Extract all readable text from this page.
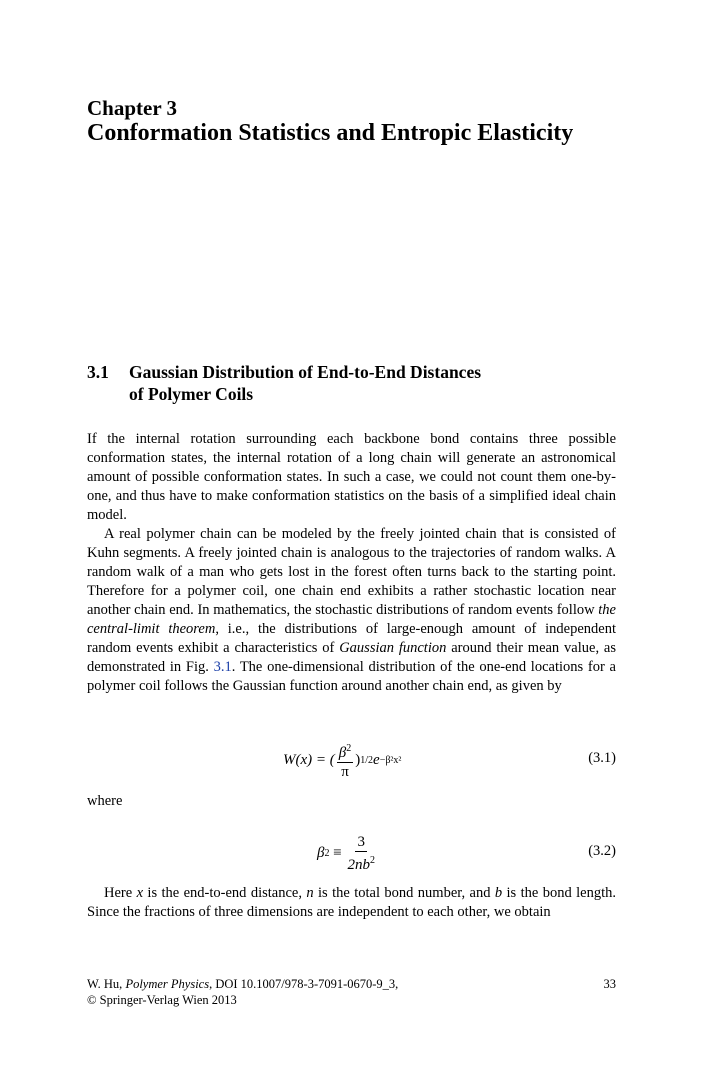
Chapter 3
Conformation Statistics and Entropic Elasticity
3.1 Gaussian Distribution of End-to-End Distances
of Polymer Coils
If the internal rotation surrounding each backbone bond contains three possible conformation states, the internal rotation of a long chain will generate an astronomical amount of possible conformation states. In such a case, we could not count them one-by-one, and thus have to make conformation statistics on the basis of a simplified ideal chain model.
A real polymer chain can be modeled by the freely jointed chain that is consisted of Kuhn segments. A freely jointed chain is analogous to the trajectories of random walks. A random walk of a man who gets lost in the forest often turns back to the starting point. Therefore for a polymer coil, one chain end exhibits a rather stochastic location near another chain end. In mathematics, the stochastic distributions of random events follow the central-limit theorem, i.e., the distributions of large-enough amount of independent random events exhibit a characteristics of Gaussian function around their mean value, as demonstrated in Fig. 3.1. The one-dimensional distribution of the one-end locations for a polymer coil follows the Gaussian function around another chain end, as given by
W(x) = ( $\frac{\beta^2}{\pi}$ ) 1/2 e −β²x²	(3.1)
where
β $2 \equiv \frac{3}{2nb^2}$	(3.2)
Here x is the end-to-end distance, n is the total bond number, and b is the bond length. Since the fractions of three dimensions are independent to each other, we obtain
W. Hu, Polymer Physics, DOI 10.1007/978-3-7091-0670-9_3,
© Springer-Verlag Wien 2013
33
